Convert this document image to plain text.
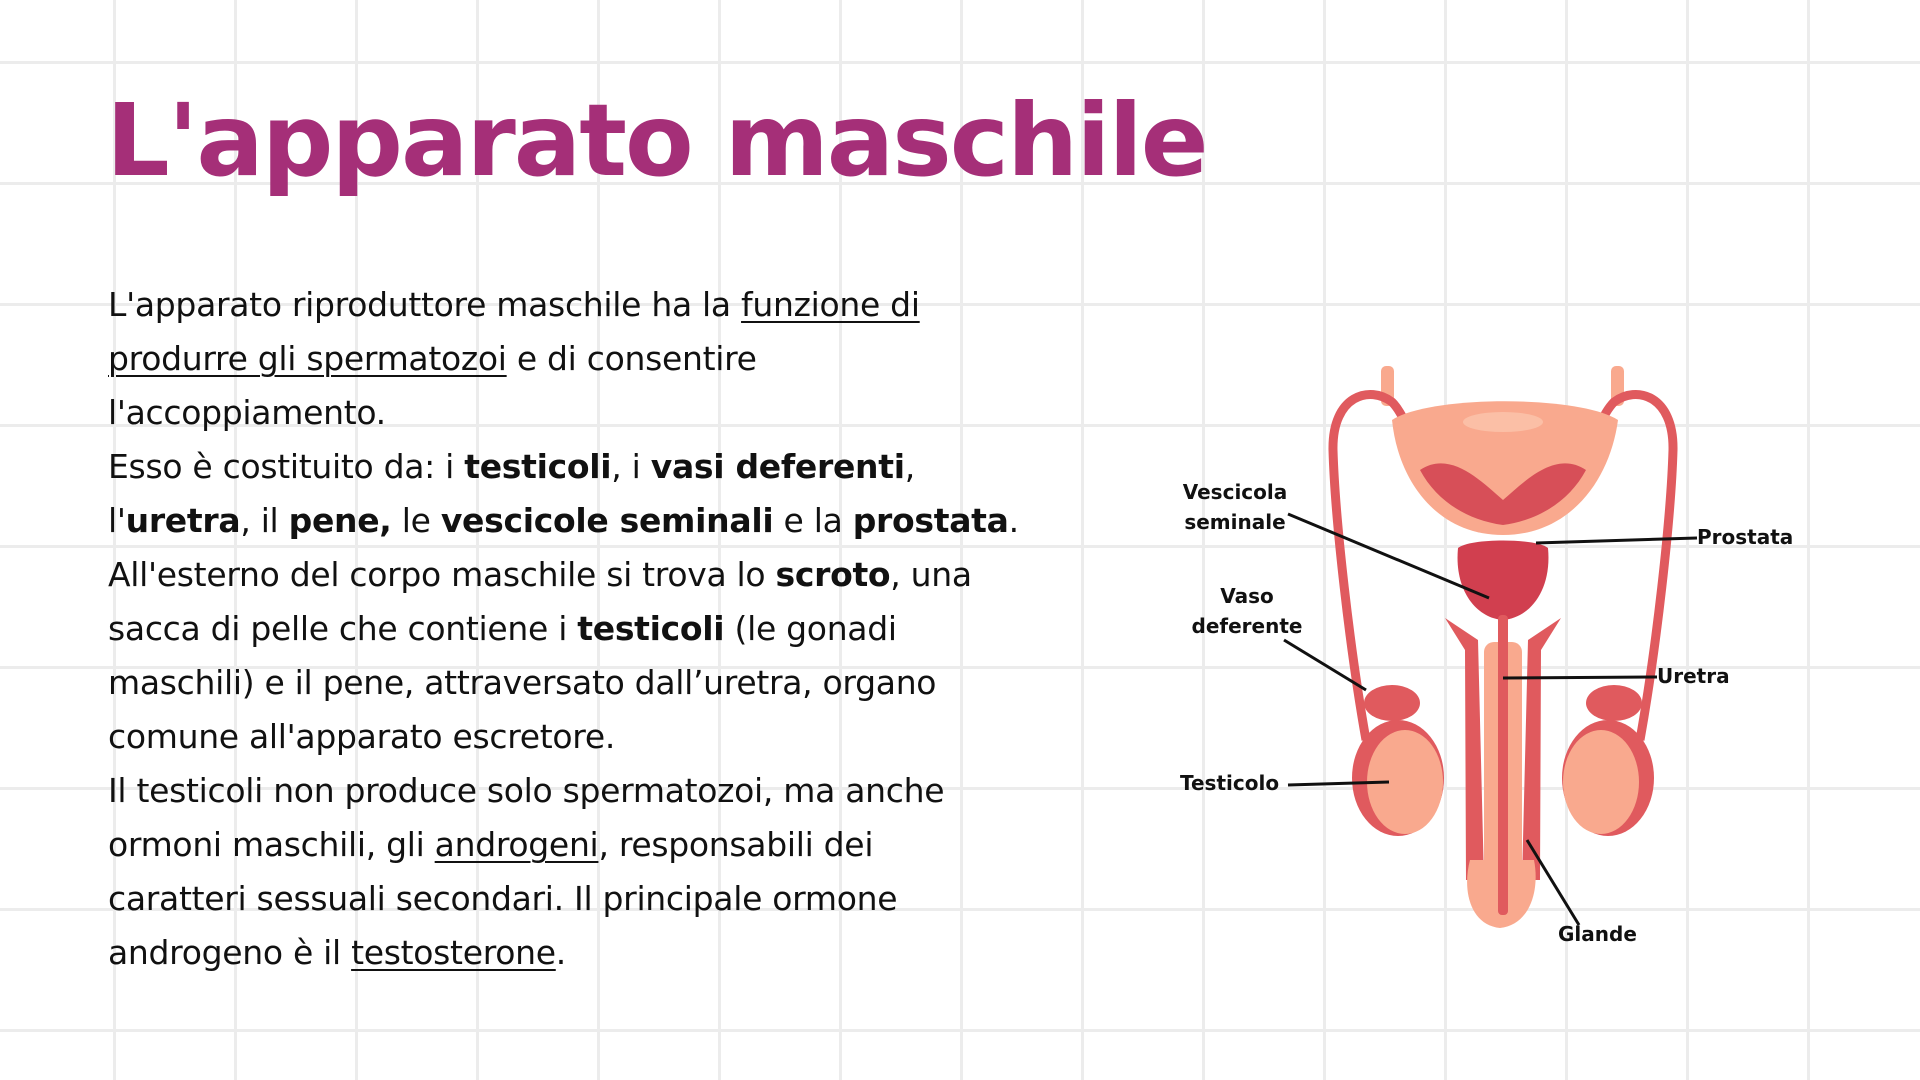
L'apparato maschile
L'apparato riproduttore maschile ha la funzione di
produrre gli spermatozoi e di consentire
l'accoppiamento.
Esso è costituito da: i testicoli, i vasi deferenti,
l'uretra, il pene, le vescicole seminali e la prostata.
All'esterno del corpo maschile si trova lo scroto, una
sacca di pelle che contiene i testicoli (le gonadi
maschili) e il pene, attraversato dall’uretra, organo
comune all'apparato escretore.
Il testicoli non produce solo spermatozoi, ma anche
ormoni maschili, gli androgeni, responsabili dei
caratteri sessuali secondari. Il principale ormone
androgeno è il testosterone.
Vescicola
seminale
Vaso
deferente
Testicolo
Prostata
Uretra
Glande
